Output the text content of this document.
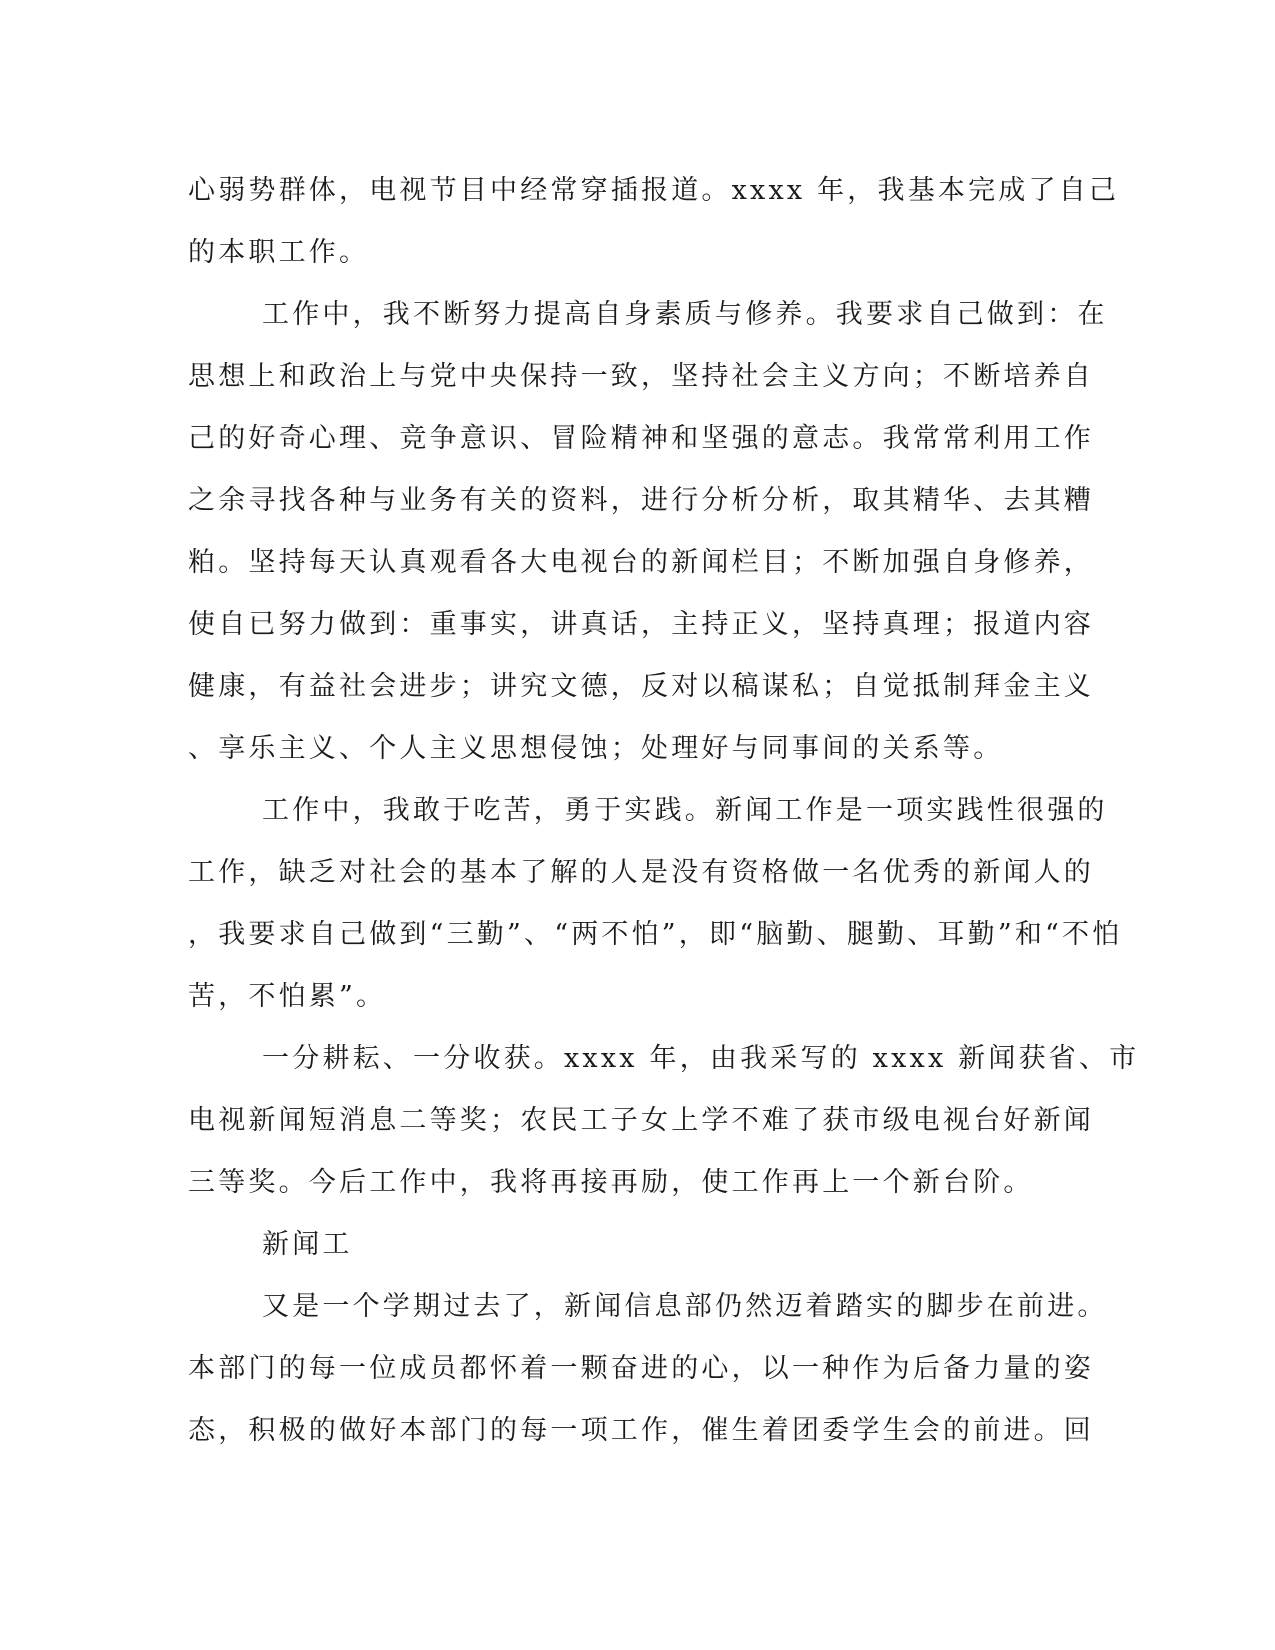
心弱势群体，电视节目中经常穿插报道。xxxx 年，我基本完成了自己
的本职工作。
工作中，我不断努力提高自身素质与修养。我要求自己做到：在
思想上和政治上与党中央保持一致，坚持社会主义方向；不断培养自
己的好奇心理、竞争意识、冒险精神和坚强的意志。我常常利用工作
之余寻找各种与业务有关的资料，进行分析分析，取其精华、去其糟
粕。坚持每天认真观看各大电视台的新闻栏目；不断加强自身修养，
使自已努力做到：重事实，讲真话，主持正义，坚持真理；报道内容
健康，有益社会进步；讲究文德，反对以稿谋私；自觉抵制拜金主义
、享乐主义、个人主义思想侵蚀；处理好与同事间的关系等。
工作中，我敢于吃苦，勇于实践。新闻工作是一项实践性很强的
工作，缺乏对社会的基本了解的人是没有资格做一名优秀的新闻人的
，我要求自己做到“三勤”、“两不怕”，即“脑勤、腿勤、耳勤”和“不怕
苦，不怕累”。
一分耕耘、一分收获。xxxx 年，由我采写的 xxxx 新闻获省、市
电视新闻短消息二等奖；农民工子女上学不难了获市级电视台好新闻
三等奖。今后工作中，我将再接再励，使工作再上一个新台阶。
新闻工
又是一个学期过去了，新闻信息部仍然迈着踏实的脚步在前进。
本部门的每一位成员都怀着一颗奋进的心，以一种作为后备力量的姿
态，积极的做好本部门的每一项工作，催生着团委学生会的前进。回
